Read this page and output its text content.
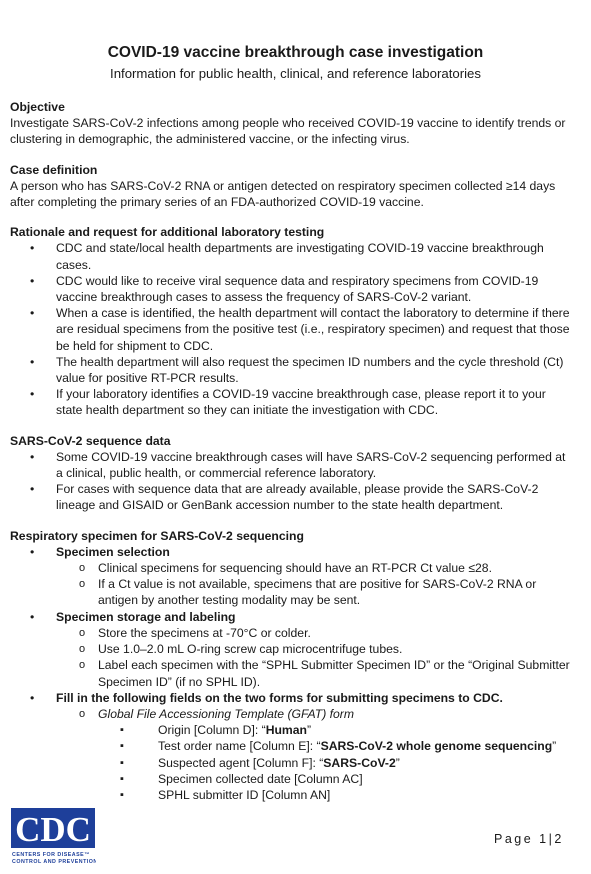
COVID-19 vaccine breakthrough case investigation
Information for public health, clinical, and reference laboratories

Objective

Investigate SARS-CoV-2 infections among people who received COVID-19 vaccine to identify trends or clustering in demographic, the administered vaccine, or the infecting virus.

Case definition

A person who has SARS-CoV-2 RNA or antigen detected on respiratory specimen collected ≥14 days after completing the primary series of an FDA-authorized COVID-19 vaccine.

Rationale and request for additional laboratory testing

• CDC and state/local health departments are investigating COVID-19 vaccine breakthrough cases.
• CDC would like to receive viral sequence data and respiratory specimens from COVID-19 vaccine breakthrough cases to assess the frequency of SARS-CoV-2 variant.
• When a case is identified, the health department will contact the laboratory to determine if there are residual specimens from the positive test (i.e., respiratory specimen) and request that those be held for shipment to CDC.
• The health department will also request the specimen ID numbers and the cycle threshold (Ct) value for positive RT-PCR results.
• If your laboratory identifies a COVID-19 vaccine breakthrough case, please report it to your state health department so they can initiate the investigation with CDC.

SARS-CoV-2 sequence data

• Some COVID-19 vaccine breakthrough cases will have SARS-CoV-2 sequencing performed at a clinical, public health, or commercial reference laboratory.
• For cases with sequence data that are already available, please provide the SARS-CoV-2 lineage and GISAID or GenBank accession number to the state health department.

Respiratory specimen for SARS-CoV-2 sequencing

• Specimen selection
o Clinical specimens for sequencing should have an RT-PCR Ct value ≤28.
o If a Ct value is not available, specimens that are positive for SARS-CoV-2 RNA or antigen by another testing modality may be sent.
• Specimen storage and labeling
o Store the specimens at -70°C or colder.
o Use 1.0–2.0 mL O-ring screw cap microcentrifuge tubes.
o Label each specimen with the “SPHL Submitter Specimen ID” or the “Original Submitter Specimen ID” (if no SPHL ID).
• Fill in the following fields on the two forms for submitting specimens to CDC.
o Global File Accessioning Template (GFAT) form
▪ Origin [Column D]: “Human”
▪ Test order name [Column E]: “SARS-CoV-2 whole genome sequencing”
▪ Suspected agent [Column F]: “SARS-CoV-2”
▪ Specimen collected date [Column AC]
▪ SPHL submitter ID [Column AN]
CDC
CENTERS FOR DISEASE™
CONTROL AND PREVENTION
Page 1|2
